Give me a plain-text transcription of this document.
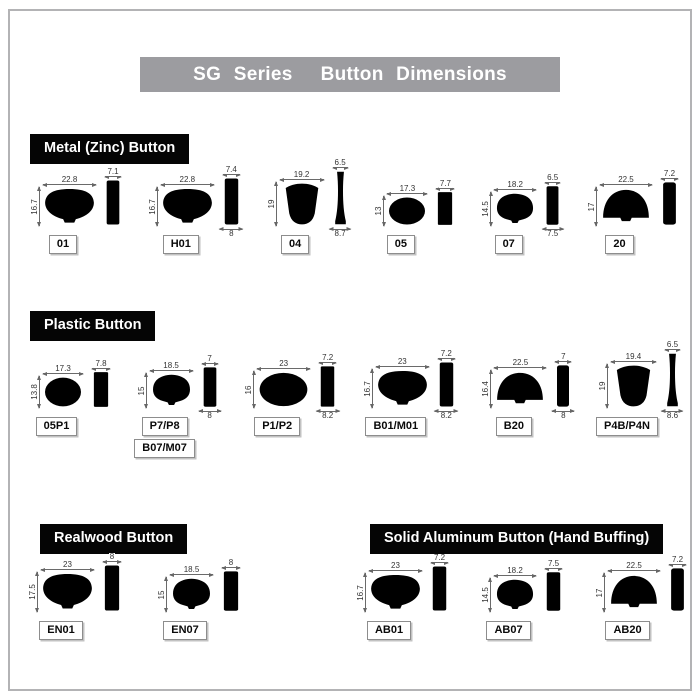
SG Series Button Dimensions
Metal (Zinc) Button
22.8
16.7
7.1
01
22.8
16.7
7.4
8
H01
19.2
19
6.5
8.7
04
17.3
13
7.7
05
18.2
14.5
6.5
7.5
07
22.5
17
7.2
20
Plastic Button
17.3
13.8
7.8
05P1
18.5
15
7
8
P7/P8
B07/M07
23
16
7.2
8.2
P1/P2
23
16.7
7.2
8.2
B01/M01
22.5
16.4
7
8
B20
19.4
19
6.5
8.6
P4B/P4N
Realwood Button
23
17.5
8
EN01
18.5
15
8
EN07
Solid Aluminum Button (Hand Buffing)
23
16.7
7.2
AB01
18.2
14.5
7.5
AB07
22.5
17
7.2
AB20
